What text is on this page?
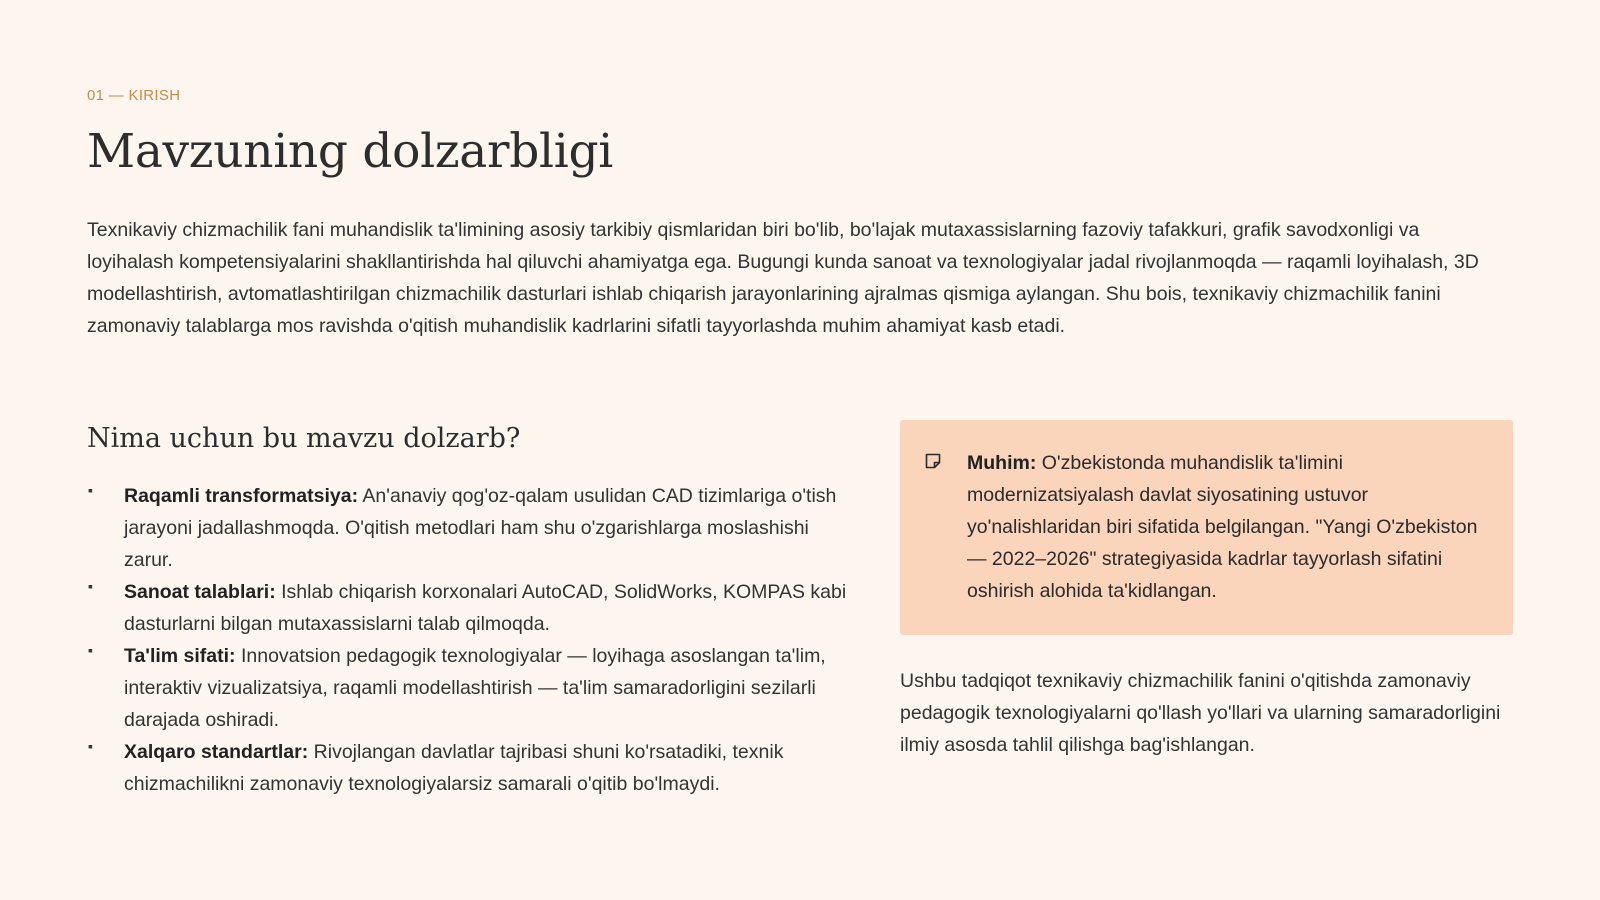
01 — KIRISH

Mavzuning dolzarbligi

Texnikaviy chizmachilik fani muhandislik ta'limining asosiy tarkibiy qismlaridan biri bo'lib, bo'lajak mutaxassislarning fazoviy tafakkuri, grafik savodxonligi va loyihalash kompetensiyalarini shakllantirishda hal qiluvchi ahamiyatga ega. Bugungi kunda sanoat va texnologiyalar jadal rivojlanmoqda — raqamli loyihalash, 3D modellashtirish, avtomatlashtirilgan chizmachilik dasturlari ishlab chiqarish jarayonlarining ajralmas qismiga aylangan. Shu bois, texnikaviy chizmachilik fanini zamonaviy talablarga mos ravishda o'qitish muhandislik kadrlarini sifatli tayyorlashda muhim ahamiyat kasb etadi.

Nima uchun bu mavzu dolzarb?
▪ Raqamli transformatsiya: An'anaviy qog'oz-qalam usulidan CAD tizimlariga o'tish jarayoni jadallashmoqda. O'qitish metodlari ham shu o'zgarishlarga moslashishi zarur.
▪ Sanoat talablari: Ishlab chiqarish korxonalari AutoCAD, SolidWorks, KOMPAS kabi dasturlarni bilgan mutaxassislarni talab qilmoqda.
▪ Ta'lim sifati: Innovatsion pedagogik texnologiyalar — loyihaga asoslangan ta'lim, interaktiv vizualizatsiya, raqamli modellashtirish — ta'lim samaradorligini sezilarli darajada oshiradi.
▪ Xalqaro standartlar: Rivojlangan davlatlar tajribasi shuni ko'rsatadiki, texnik chizmachilikni zamonaviy texnologiyalarsiz samarali o'qitib bo'lmaydi.
Muhim: O'zbekistonda muhandislik ta'limini modernizatsiyalash davlat siyosatining ustuvor yo'nalishlaridan biri sifatida belgilangan. "Yangi O'zbekiston — 2022–2026" strategiyasida kadrlar tayyorlash sifatini oshirish alohida ta'kidlangan.

Ushbu tadqiqot texnikaviy chizmachilik fanini o'qitishda zamonaviy pedagogik texnologiyalarni qo'llash yo'llari va ularning samaradorligini ilmiy asosda tahlil qilishga bag'ishlangan.
